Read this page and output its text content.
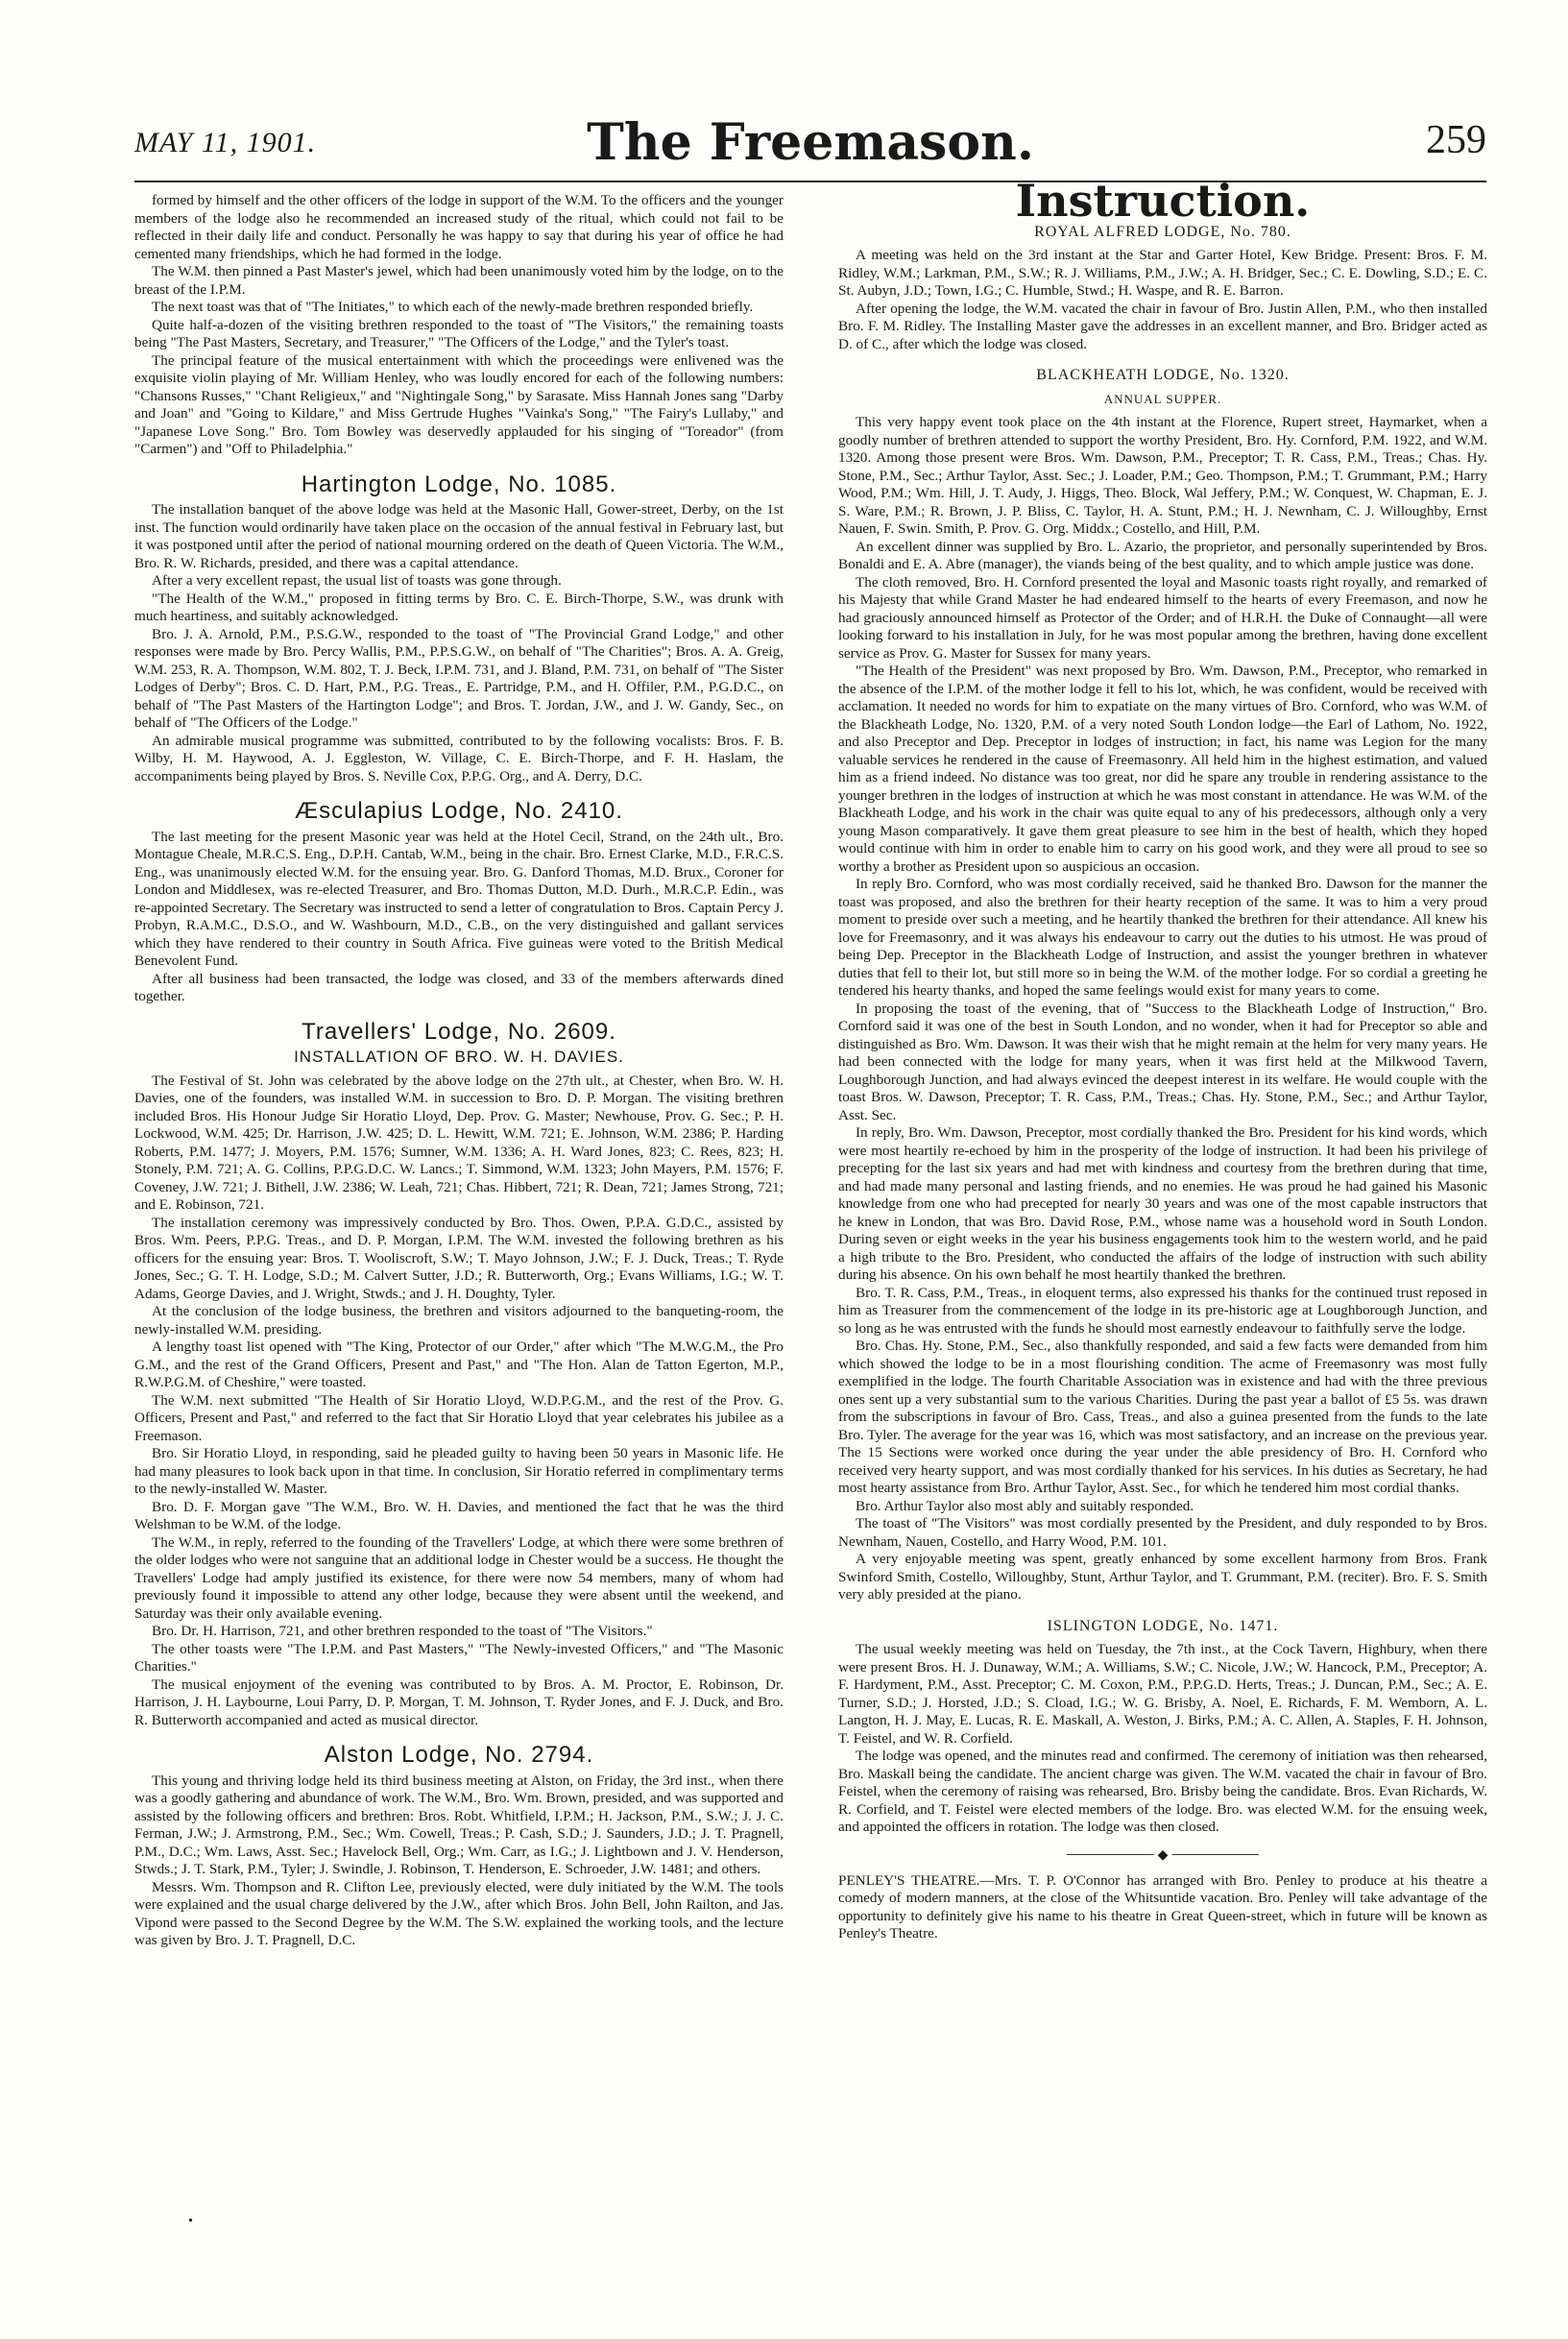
MAY 11, 1901.	The Freemason.	259

formed by himself and the other officers of the lodge in support of the W.M. To the officers and the younger members of the lodge also he recommended an increased study of the ritual, which could not fail to be reflected in their daily life and conduct. Personally he was happy to say that during his year of office he had cemented many friendships, which he had formed in the lodge.

The W.M. then pinned a Past Master's jewel, which had been unanimously voted him by the lodge, on to the breast of the I.P.M.

The next toast was that of "The Initiates," to which each of the newly-made brethren responded briefly.

Quite half-a-dozen of the visiting brethren responded to the toast of "The Visitors," the remaining toasts being "The Past Masters, Secretary, and Treasurer," "The Officers of the Lodge," and the Tyler's toast.

The principal feature of the musical entertainment with which the proceedings were enlivened was the exquisite violin playing of Mr. William Henley, who was loudly encored for each of the following numbers: "Chansons Russes," "Chant Religieux," and "Nightingale Song," by Sarasate. Miss Hannah Jones sang "Darby and Joan" and "Going to Kildare," and Miss Gertrude Hughes "Vainka's Song," "The Fairy's Lullaby," and "Japanese Love Song." Bro. Tom Bowley was deservedly applauded for his singing of "Toreador" (from "Carmen") and "Off to Philadelphia."

Hartington Lodge, No. 1085.

The installation banquet of the above lodge was held at the Masonic Hall, Gower-street, Derby, on the 1st inst. The function would ordinarily have taken place on the occasion of the annual festival in February last, but it was postponed until after the period of national mourning ordered on the death of Queen Victoria. The W.M., Bro. R. W. Richards, presided, and there was a capital attendance.

After a very excellent repast, the usual list of toasts was gone through.

"The Health of the W.M.," proposed in fitting terms by Bro. C. E. Birch-Thorpe, S.W., was drunk with much heartiness, and suitably acknowledged.

Bro. J. A. Arnold, P.M., P.S.G.W., responded to the toast of "The Provincial Grand Lodge," and other responses were made by Bro. Percy Wallis, P.M., P.P.S.G.W., on behalf of "The Charities"; Bros. A. A. Greig, W.M. 253, R. A. Thompson, W.M. 802, T. J. Beck, I.P.M. 731, and J. Bland, P.M. 731, on behalf of "The Sister Lodges of Derby"; Bros. C. D. Hart, P.M., P.G. Treas., E. Partridge, P.M., and H. Offiler, P.M., P.G.D.C., on behalf of "The Past Masters of the Hartington Lodge"; and Bros. T. Jordan, J.W., and J. W. Gandy, Sec., on behalf of "The Officers of the Lodge."

An admirable musical programme was submitted, contributed to by the following vocalists: Bros. F. B. Wilby, H. M. Haywood, A. J. Eggleston, W. Village, C. E. Birch-Thorpe, and F. H. Haslam, the accompaniments being played by Bros. S. Neville Cox, P.P.G. Org., and A. Derry, D.C.

Æsculapius Lodge, No. 2410.

The last meeting for the present Masonic year was held at the Hotel Cecil, Strand, on the 24th ult., Bro. Montague Cheale, M.R.C.S. Eng., D.P.H. Cantab, W.M., being in the chair. Bro. Ernest Clarke, M.D., F.R.C.S. Eng., was unanimously elected W.M. for the ensuing year. Bro. G. Danford Thomas, M.D. Brux., Coroner for London and Middlesex, was re-elected Treasurer, and Bro. Thomas Dutton, M.D. Durh., M.R.C.P. Edin., was re-appointed Secretary. The Secretary was instructed to send a letter of congratulation to Bros. Captain Percy J. Probyn, R.A.M.C., D.S.O., and W. Washbourn, M.D., C.B., on the very distinguished and gallant services which they have rendered to their country in South Africa. Five guineas were voted to the British Medical Benevolent Fund.

After all business had been transacted, the lodge was closed, and 33 of the members afterwards dined together.

Travellers' Lodge, No. 2609.
INSTALLATION OF BRO. W. H. DAVIES.

The Festival of St. John was celebrated by the above lodge on the 27th ult., at Chester, when Bro. W. H. Davies, one of the founders, was installed W.M. in succession to Bro. D. P. Morgan. The visiting brethren included Bros. His Honour Judge Sir Horatio Lloyd, Dep. Prov. G. Master; Newhouse, Prov. G. Sec.; P. H. Lockwood, W.M. 425; Dr. Harrison, J.W. 425; D. L. Hewitt, W.M. 721; E. Johnson, W.M. 2386; P. Harding Roberts, P.M. 1477; J. Moyers, P.M. 1576; Sumner, W.M. 1336; A. H. Ward Jones, 823; C. Rees, 823; H. Stonely, P.M. 721; A. G. Collins, P.P.G.D.C. W. Lancs.; T. Simmond, W.M. 1323; John Mayers, P.M. 1576; F. Coveney, J.W. 721; J. Bithell, J.W. 2386; W. Leah, 721; Chas. Hibbert, 721; R. Dean, 721; James Strong, 721; and E. Robinson, 721.

The installation ceremony was impressively conducted by Bro. Thos. Owen, P.P.A. G.D.C., assisted by Bros. Wm. Peers, P.P.G. Treas., and D. P. Morgan, I.P.M. The W.M. invested the following brethren as his officers for the ensuing year: Bros. T. Wooliscroft, S.W.; T. Mayo Johnson, J.W.; F. J. Duck, Treas.; T. Ryde Jones, Sec.; G. T. H. Lodge, S.D.; M. Calvert Sutter, J.D.; R. Butterworth, Org.; Evans Williams, I.G.; W. T. Adams, George Davies, and J. Wright, Stwds.; and J. H. Doughty, Tyler.

At the conclusion of the lodge business, the brethren and visitors adjourned to the banqueting-room, the newly-installed W.M. presiding.

A lengthy toast list opened with "The King, Protector of our Order," after which "The M.W.G.M., the Pro G.M., and the rest of the Grand Officers, Present and Past," and "The Hon. Alan de Tatton Egerton, M.P., R.W.P.G.M. of Cheshire," were toasted.

The W.M. next submitted "The Health of Sir Horatio Lloyd, W.D.P.G.M., and the rest of the Prov. G. Officers, Present and Past," and referred to the fact that Sir Horatio Lloyd that year celebrates his jubilee as a Freemason.

Bro. Sir Horatio Lloyd, in responding, said he pleaded guilty to having been 50 years in Masonic life. He had many pleasures to look back upon in that time. In conclusion, Sir Horatio referred in complimentary terms to the newly-installed W. Master.

Bro. D. F. Morgan gave "The W.M., Bro. W. H. Davies, and mentioned the fact that he was the third Welshman to be W.M. of the lodge.

The W.M., in reply, referred to the founding of the Travellers' Lodge, at which there were some brethren of the older lodges who were not sanguine that an additional lodge in Chester would be a success. He thought the Travellers' Lodge had amply justified its existence, for there were now 54 members, many of whom had previously found it impossible to attend any other lodge, because they were absent until the weekend, and Saturday was their only available evening.

Bro. Dr. H. Harrison, 721, and other brethren responded to the toast of "The Visitors."

The other toasts were "The I.P.M. and Past Masters," "The Newly-invested Officers," and "The Masonic Charities."

The musical enjoyment of the evening was contributed to by Bros. A. M. Proctor, E. Robinson, Dr. Harrison, J. H. Laybourne, Loui Parry, D. P. Morgan, T. M. Johnson, T. Ryder Jones, and F. J. Duck, and Bro. R. Butterworth accompanied and acted as musical director.

Alston Lodge, No. 2794.

This young and thriving lodge held its third business meeting at Alston, on Friday, the 3rd inst., when there was a goodly gathering and abundance of work. The W.M., Bro. Wm. Brown, presided, and was supported and assisted by the following officers and brethren: Bros. Robt. Whitfield, I.P.M.; H. Jackson, P.M., S.W.; J. J. C. Ferman, J.W.; J. Armstrong, P.M., Sec.; Wm. Cowell, Treas.; P. Cash, S.D.; J. Saunders, J.D.; J. T. Pragnell, P.M., D.C.; Wm. Laws, Asst. Sec.; Havelock Bell, Org.; Wm. Carr, as I.G.; J. Lightbown and J. V. Henderson, Stwds.; J. T. Stark, P.M., Tyler; J. Swindle, J. Robinson, T. Henderson, E. Schroeder, J.W. 1481; and others.

Messrs. Wm. Thompson and R. Clifton Lee, previously elected, were duly initiated by the W.M. The tools were explained and the usual charge delivered by the J.W., after which Bros. John Bell, John Railton, and Jas. Vipond were passed to the Second Degree by the W.M. The S.W. explained the working tools, and the lecture was given by Bro. J. T. Pragnell, D.C.

Instruction.
ROYAL ALFRED LODGE, No. 780.

A meeting was held on the 3rd instant at the Star and Garter Hotel, Kew Bridge. Present: Bros. F. M. Ridley, W.M.; Larkman, P.M., S.W.; R. J. Williams, P.M., J.W.; A. H. Bridger, Sec.; C. E. Dowling, S.D.; E. C. St. Aubyn, J.D.; Town, I.G.; C. Humble, Stwd.; H. Waspe, and R. E. Barron.

After opening the lodge, the W.M. vacated the chair in favour of Bro. Justin Allen, P.M., who then installed Bro. F. M. Ridley. The Installing Master gave the addresses in an excellent manner, and Bro. Bridger acted as D. of C., after which the lodge was closed.

BLACKHEATH LODGE, No. 1320.
ANNUAL SUPPER.

This very happy event took place on the 4th instant at the Florence, Rupert street, Haymarket, when a goodly number of brethren attended to support the worthy President, Bro. Hy. Cornford, P.M. 1922, and W.M. 1320. Among those present were Bros. Wm. Dawson, P.M., Preceptor; T. R. Cass, P.M., Treas.; Chas. Hy. Stone, P.M., Sec.; Arthur Taylor, Asst. Sec.; J. Loader, P.M.; Geo. Thompson, P.M.; T. Grummant, P.M.; Harry Wood, P.M.; Wm. Hill, J. T. Audy, J. Higgs, Theo. Block, Wal Jeffery, P.M.; W. Conquest, W. Chapman, E. J. S. Ware, P.M.; R. Brown, J. P. Bliss, C. Taylor, H. A. Stunt, P.M.; H. J. Newnham, C. J. Willoughby, Ernst Nauen, F. Swin. Smith, P. Prov. G. Org. Middx.; Costello, and Hill, P.M.

An excellent dinner was supplied by Bro. L. Azario, the proprietor, and personally superintended by Bros. Bonaldi and E. A. Abre (manager), the viands being of the best quality, and to which ample justice was done.

The cloth removed, Bro. H. Cornford presented the loyal and Masonic toasts right royally, and remarked of his Majesty that while Grand Master he had endeared himself to the hearts of every Freemason, and now he had graciously announced himself as Protector of the Order; and of H.R.H. the Duke of Connaught—all were looking forward to his installation in July, for he was most popular among the brethren, having done excellent service as Prov. G. Master for Sussex for many years.

"The Health of the President" was next proposed by Bro. Wm. Dawson, P.M., Preceptor, who remarked in the absence of the I.P.M. of the mother lodge it fell to his lot, which, he was confident, would be received with acclamation. It needed no words for him to expatiate on the many virtues of Bro. Cornford, who was W.M. of the Blackheath Lodge, No. 1320, P.M. of a very noted South London lodge—the Earl of Lathom, No. 1922, and also Preceptor and Dep. Preceptor in lodges of instruction; in fact, his name was Legion for the many valuable services he rendered in the cause of Freemasonry. All held him in the highest estimation, and valued him as a friend indeed. No distance was too great, nor did he spare any trouble in rendering assistance to the younger brethren in the lodges of instruction at which he was most constant in attendance. He was W.M. of the Blackheath Lodge, and his work in the chair was quite equal to any of his predecessors, although only a very young Mason comparatively. It gave them great pleasure to see him in the best of health, which they hoped would continue with him in order to enable him to carry on his good work, and they were all proud to see so worthy a brother as President upon so auspicious an occasion.

In reply Bro. Cornford, who was most cordially received, said he thanked Bro. Dawson for the manner the toast was proposed, and also the brethren for their hearty reception of the same. It was to him a very proud moment to preside over such a meeting, and he heartily thanked the brethren for their attendance. All knew his love for Freemasonry, and it was always his endeavour to carry out the duties to his utmost. He was proud of being Dep. Preceptor in the Blackheath Lodge of Instruction, and assist the younger brethren in whatever duties that fell to their lot, but still more so in being the W.M. of the mother lodge. For so cordial a greeting he tendered his hearty thanks, and hoped the same feelings would exist for many years to come.

In proposing the toast of the evening, that of "Success to the Blackheath Lodge of Instruction," Bro. Cornford said it was one of the best in South London, and no wonder, when it had for Preceptor so able and distinguished as Bro. Wm. Dawson. It was their wish that he might remain at the helm for very many years. He had been connected with the lodge for many years, when it was first held at the Milkwood Tavern, Loughborough Junction, and had always evinced the deepest interest in its welfare. He would couple with the toast Bros. W. Dawson, Preceptor; T. R. Cass, P.M., Treas.; Chas. Hy. Stone, P.M., Sec.; and Arthur Taylor, Asst. Sec.

In reply, Bro. Wm. Dawson, Preceptor, most cordially thanked the Bro. President for his kind words, which were most heartily re-echoed by him in the prosperity of the lodge of instruction. It had been his privilege of precepting for the last six years and had met with kindness and courtesy from the brethren during that time, and had made many personal and lasting friends, and no enemies. He was proud he had gained his Masonic knowledge from one who had precepted for nearly 30 years and was one of the most capable instructors that he knew in London, that was Bro. David Rose, P.M., whose name was a household word in South London. During seven or eight weeks in the year his business engagements took him to the western world, and he paid a high tribute to the Bro. President, who conducted the affairs of the lodge of instruction with such ability during his absence. On his own behalf he most heartily thanked the brethren.

Bro. T. R. Cass, P.M., Treas., in eloquent terms, also expressed his thanks for the continued trust reposed in him as Treasurer from the commencement of the lodge in its pre-historic age at Loughborough Junction, and so long as he was entrusted with the funds he should most earnestly endeavour to faithfully serve the lodge.

Bro. Chas. Hy. Stone, P.M., Sec., also thankfully responded, and said a few facts were demanded from him which showed the lodge to be in a most flourishing condition. The acme of Freemasonry was most fully exemplified in the lodge. The fourth Charitable Association was in existence and had with the three previous ones sent up a very substantial sum to the various Charities. During the past year a ballot of £5 5s. was drawn from the subscriptions in favour of Bro. Cass, Treas., and also a guinea presented from the funds to the late Bro. Tyler. The average for the year was 16, which was most satisfactory, and an increase on the previous year. The 15 Sections were worked once during the year under the able presidency of Bro. H. Cornford who received very hearty support, and was most cordially thanked for his services. In his duties as Secretary, he had most hearty assistance from Bro. Arthur Taylor, Asst. Sec., for which he tendered him most cordial thanks.

Bro. Arthur Taylor also most ably and suitably responded.

The toast of "The Visitors" was most cordially presented by the President, and duly responded to by Bros. Newnham, Nauen, Costello, and Harry Wood, P.M. 101.

A very enjoyable meeting was spent, greatly enhanced by some excellent harmony from Bros. Frank Swinford Smith, Costello, Willoughby, Stunt, Arthur Taylor, and T. Grummant, P.M. (reciter). Bro. F. S. Smith very ably presided at the piano.

ISLINGTON LODGE, No. 1471.

The usual weekly meeting was held on Tuesday, the 7th inst., at the Cock Tavern, Highbury, when there were present Bros. H. J. Dunaway, W.M.; A. Williams, S.W.; C. Nicole, J.W.; W. Hancock, P.M., Preceptor; A. F. Hardyment, P.M., Asst. Preceptor; C. M. Coxon, P.M., P.P.G.D. Herts, Treas.; J. Duncan, P.M., Sec.; A. E. Turner, S.D.; J. Horsted, J.D.; S. Cload, I.G.; W. G. Brisby, A. Noel, E. Richards, F. M. Wemborn, A. L. Langton, H. J. May, E. Lucas, R. E. Maskall, A. Weston, J. Birks, P.M.; A. C. Allen, A. Staples, F. H. Johnson, T. Feistel, and W. R. Corfield.

The lodge was opened, and the minutes read and confirmed. The ceremony of initiation was then rehearsed, Bro. Maskall being the candidate. The ancient charge was given. The W.M. vacated the chair in favour of Bro. Feistel, when the ceremony of raising was rehearsed, Bro. Brisby being the candidate. Bros. Evan Richards, W. R. Corfield, and T. Feistel were elected members of the lodge. Bro. was elected W.M. for the ensuing week, and appointed the officers in rotation. The lodge was then closed.

◆

PENLEY'S THEATRE.—Mrs. T. P. O'Connor has arranged with Bro. Penley to produce at his theatre a comedy of modern manners, at the close of the Whitsuntide vacation. Bro. Penley will take advantage of the opportunity to definitely give his name to his theatre in Great Queen-street, which in future will be known as Penley's Theatre.

•
